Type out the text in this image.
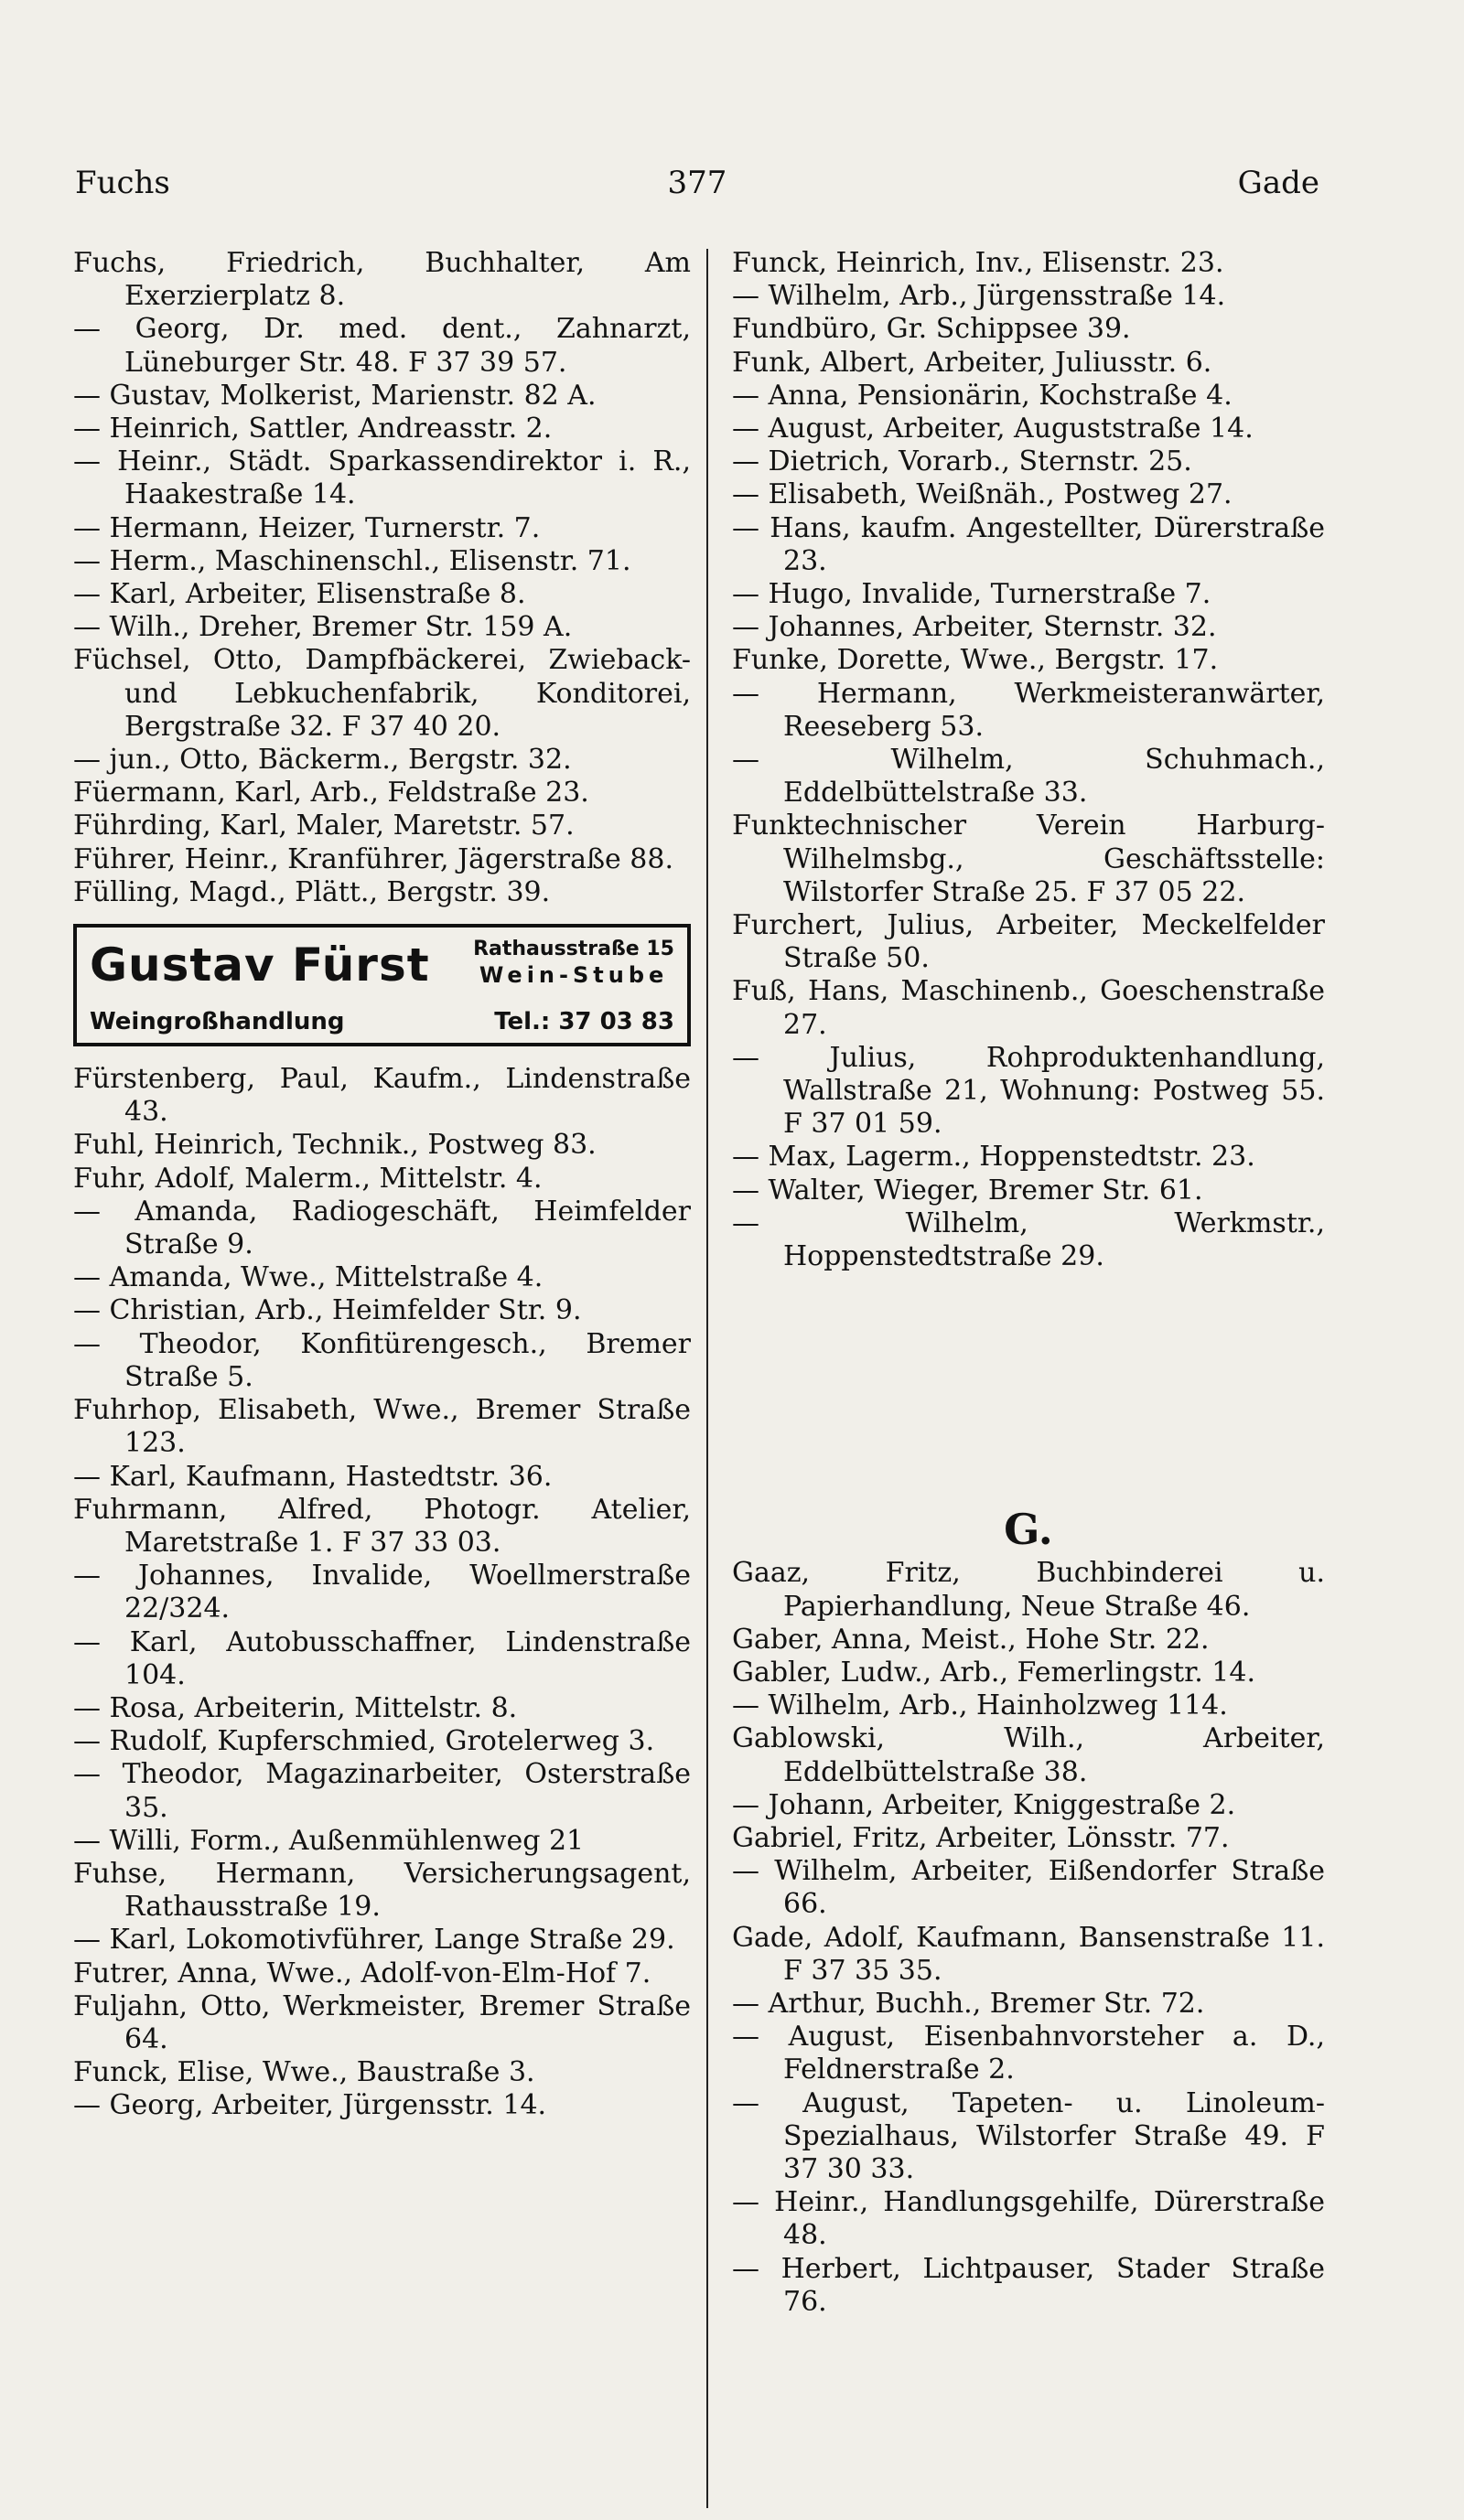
Fuchs	377	Gade
Fuchs, Friedrich, Buchhalter, Am Exerzierplatz 8.
— Georg, Dr. med. dent., Zahnarzt, Lüneburger Str. 48. F 37 39 57.
— Gustav, Molkerist, Marienstr. 82 A.
— Heinrich, Sattler, Andreasstr. 2.
— Heinr., Städt. Sparkassendirektor i. R., Haakestraße 14.
— Hermann, Heizer, Turnerstr. 7.
— Herm., Maschinenschl., Elisenstr. 71.
— Karl, Arbeiter, Elisenstraße 8.
— Wilh., Dreher, Bremer Str. 159 A.
Füchsel, Otto, Dampfbäckerei, Zwieback- und Lebkuchenfabrik, Konditorei, Bergstraße 32. F 37 40 20.
— jun., Otto, Bäckerm., Bergstr. 32.
Füermann, Karl, Arb., Feldstraße 23.
Führding, Karl, Maler, Maretstr. 57.
Führer, Heinr., Kranführer, Jägerstraße 88.
Fülling, Magd., Plätt., Bergstr. 39.
Gustav Fürst Rathausstraße 15
Wein-Stube
Weingroßhandlung	Tel.: 37 03 83
Fürstenberg, Paul, Kaufm., Lindenstraße 43.
Fuhl, Heinrich, Technik., Postweg 83.
Fuhr, Adolf, Malerm., Mittelstr. 4.
— Amanda, Radiogeschäft, Heimfelder Straße 9.
— Amanda, Wwe., Mittelstraße 4.
— Christian, Arb., Heimfelder Str. 9.
— Theodor, Konfitürengesch., Bremer Straße 5.
Fuhrhop, Elisabeth, Wwe., Bremer Straße 123.
— Karl, Kaufmann, Hastedtstr. 36.
Fuhrmann, Alfred, Photogr. Atelier, Maretstraße 1. F 37 33 03.
— Johannes, Invalide, Woellmerstraße 22/324.
— Karl, Autobusschaffner, Lindenstraße 104.
— Rosa, Arbeiterin, Mittelstr. 8.
— Rudolf, Kupferschmied, Grotelerweg 3.
— Theodor, Magazinarbeiter, Osterstraße 35.
— Willi, Form., Außenmühlenweg 21
Fuhse, Hermann, Versicherungsagent, Rathausstraße 19.
— Karl, Lokomotivführer, Lange Straße 29.
Futrer, Anna, Wwe., Adolf-von-Elm-Hof 7.
Fuljahn, Otto, Werkmeister, Bremer Straße 64.
Funck, Elise, Wwe., Baustraße 3.
— Georg, Arbeiter, Jürgensstr. 14.
Funck, Heinrich, Inv., Elisenstr. 23.
— Wilhelm, Arb., Jürgensstraße 14.
Fundbüro, Gr. Schippsee 39.
Funk, Albert, Arbeiter, Juliusstr. 6.
— Anna, Pensionärin, Kochstraße 4.
— August, Arbeiter, Auguststraße 14.
— Dietrich, Vorarb., Sternstr. 25.
— Elisabeth, Weißnäh., Postweg 27.
— Hans, kaufm. Angestellter, Dürerstraße 23.
— Hugo, Invalide, Turnerstraße 7.
— Johannes, Arbeiter, Sternstr. 32.
Funke, Dorette, Wwe., Bergstr. 17.
— Hermann, Werkmeisteranwärter, Reeseberg 53.
— Wilhelm, Schuhmach., Eddelbüttelstraße 33.
Funktechnischer Verein Harburg-Wilhelmsbg., Geschäftsstelle: Wilstorfer Straße 25. F 37 05 22.
Furchert, Julius, Arbeiter, Meckelfelder Straße 50.
Fuß, Hans, Maschinenb., Goeschenstraße 27.
— Julius, Rohproduktenhandlung, Wallstraße 21, Wohnung: Postweg 55. F 37 01 59.
— Max, Lagerm., Hoppenstedtstr. 23.
— Walter, Wieger, Bremer Str. 61.
— Wilhelm, Werkmstr., Hoppenstedtstraße 29.
G.
Gaaz, Fritz, Buchbinderei u. Papierhandlung, Neue Straße 46.
Gaber, Anna, Meist., Hohe Str. 22.
Gabler, Ludw., Arb., Femerlingstr. 14.
— Wilhelm, Arb., Hainholzweg 114.
Gablowski, Wilh., Arbeiter, Eddelbüttelstraße 38.
— Johann, Arbeiter, Kniggestraße 2.
Gabriel, Fritz, Arbeiter, Lönsstr. 77.
— Wilhelm, Arbeiter, Eißendorfer Straße 66.
Gade, Adolf, Kaufmann, Bansenstraße 11. F 37 35 35.
— Arthur, Buchh., Bremer Str. 72.
— August, Eisenbahnvorsteher a. D., Feldnerstraße 2.
— August, Tapeten- u. Linoleum-Spezialhaus, Wilstorfer Straße 49. F 37 30 33.
— Heinr., Handlungsgehilfe, Dürerstraße 48.
— Herbert, Lichtpauser, Stader Straße 76.
